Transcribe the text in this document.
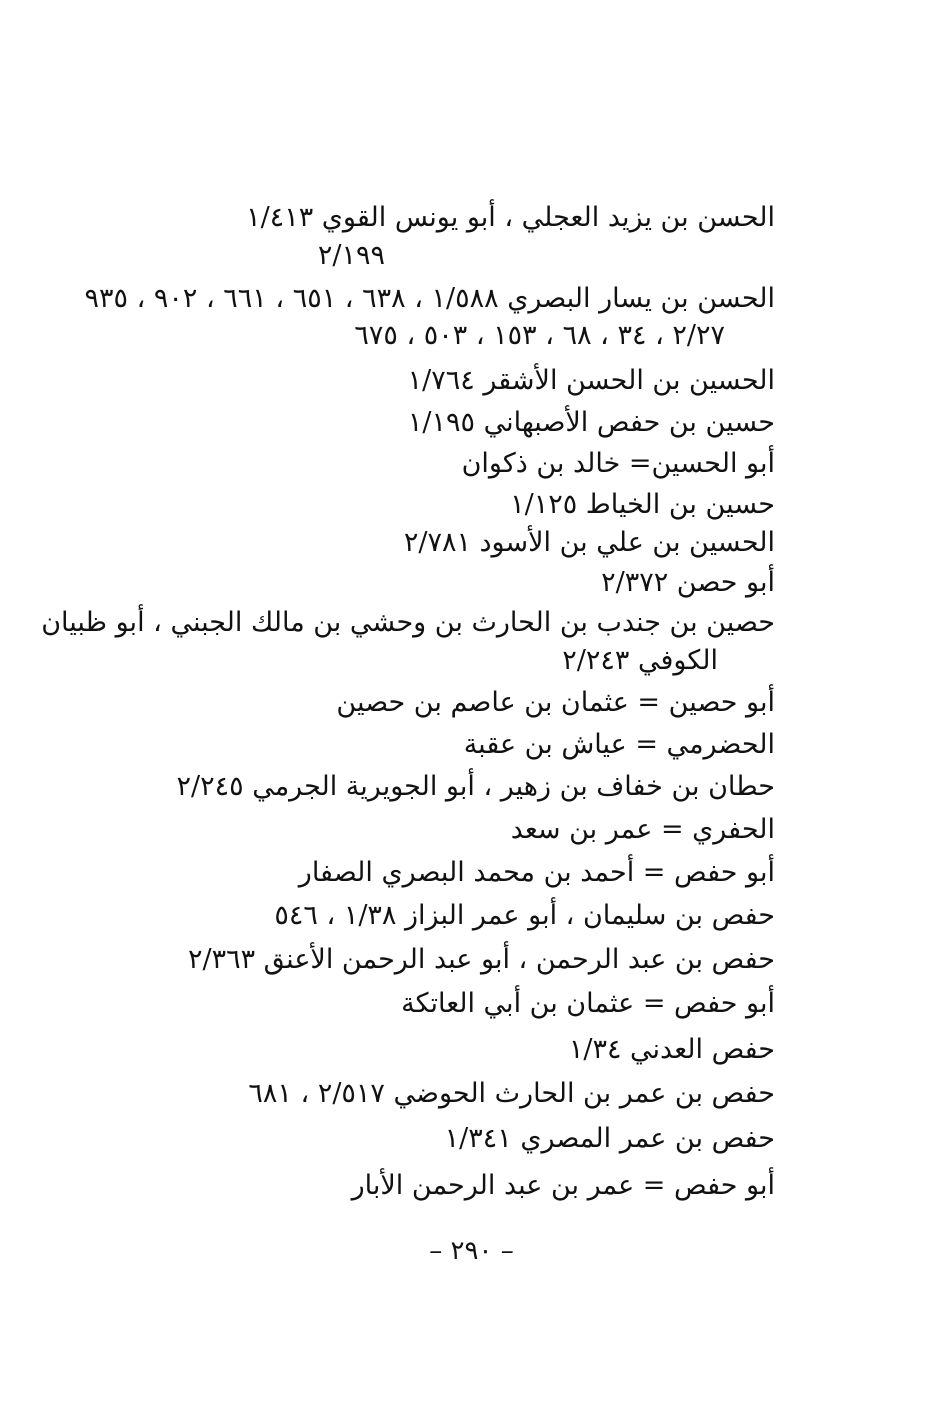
الحسن بن يزيد العجلي ، أبو يونس القوي ١/٤١٣
٢/١٩٩
الحسن بن يسار البصري ١/٥٨٨ ، ٦٣٨ ، ٦٥١ ، ٦٦١ ، ٩٠٢ ، ٩٣٥
٢/٢٧ ، ٣٤ ، ٦٨ ، ١٥٣ ، ٥٠٣ ، ٦٧٥
الحسين بن الحسن الأشقر ١/٧٦٤
حسين بن حفص الأصبهاني ١/١٩٥
أبو الحسين= خالد بن ذكوان
حسين بن الخياط ١/١٢٥
الحسين بن علي بن الأسود ٢/٧٨١
أبو حصن ٢/٣٧٢
حصين بن جندب بن الحارث بن وحشي بن مالك الجبني ، أبو ظبيان
الكوفي ٢/٢٤٣
أبو حصين = عثمان بن عاصم بن حصين
الحضرمي = عياش بن عقبة
حطان بن خفاف بن زهير ، أبو الجويرية الجرمي ٢/٢٤٥
الحفري = عمر بن سعد
أبو حفص = أحمد بن محمد البصري الصفار
حفص بن سليمان ، أبو عمر البزاز ١/٣٨ ، ٥٤٦
حفص بن عبد الرحمن ، أبو عبد الرحمن الأعنق ٢/٣٦٣
أبو حفص = عثمان بن أبي العاتكة
حفص العدني ١/٣٤
حفص بن عمر بن الحارث الحوضي ٢/٥١٧ ، ٦٨١
حفص بن عمر المصري ١/٣٤١
أبو حفص = عمر بن عبد الرحمن الأبار
– ٢٩٠ –
